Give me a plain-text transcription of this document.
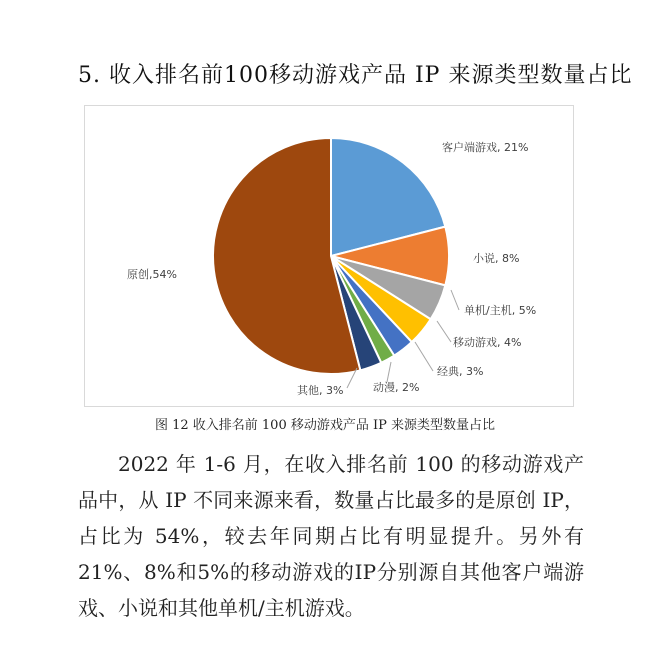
5. 收入排名前100移动游戏产品 IP 来源类型数量占比
客户端游戏, 21%
小说, 8%
单机/主机, 5%
移动游戏, 4%
经典, 3%
动漫, 2%
其他, 3%
原创,54%
图 12 收入排名前 100 移动游戏产品 IP 来源类型数量占比

2022 年 1-6 月，在收入排名前 100 的移动游戏产品中，从 IP 不同来源来看，数量占比最多的是原创 IP，占比为 54%，较去年同期占比有明显提升。另外有21%、8%和5%的移动游戏的IP分别源自其他客户端游戏、小说和其他单机/主机游戏。
